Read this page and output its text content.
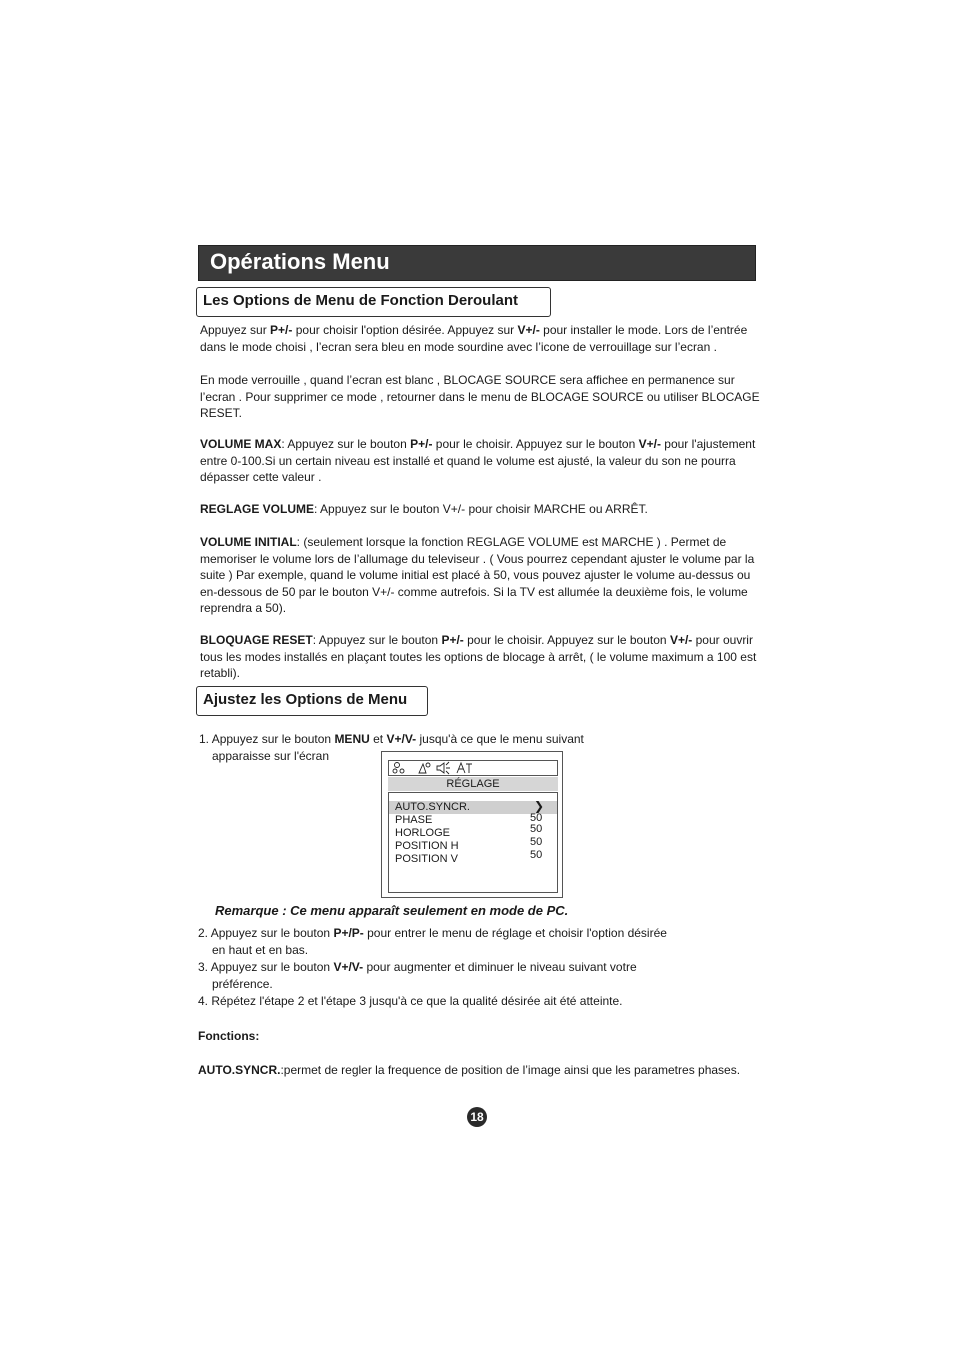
Opérations Menu
Les Options de Menu de Fonction Deroulant
Appuyez sur P+/- pour choisir l'option désirée. Appuyez sur V+/- pour installer le mode. Lors de l’entrée dans le mode choisi , l’ecran sera bleu en mode sourdine avec l’icone de verrouillage sur l’ecran .
En mode verrouille , quand l’ecran est blanc , BLOCAGE SOURCE sera affichee en permanence sur l’ecran . Pour supprimer ce mode , retourner dans le menu de BLOCAGE SOURCE ou utiliser BLOCAGE RESET.
VOLUME MAX: Appuyez sur le bouton P+/- pour le choisir. Appuyez sur le bouton V+/- pour l'ajustement entre 0-100.Si un certain niveau est installé et quand le volume est ajusté, la valeur du son ne pourra dépasser cette valeur .
REGLAGE VOLUME: Appuyez sur le bouton V+/- pour choisir MARCHE ou ARRÊT.
VOLUME INITIAL: (seulement lorsque la fonction REGLAGE VOLUME est MARCHE ) . Permet de memoriser le volume lors de l’allumage du televiseur . ( Vous pourrez cependant ajuster le volume par la suite ) Par exemple, quand le volume initial est placé à 50, vous pouvez ajuster le volume au-dessus ou en-dessous de 50 par le bouton V+/- comme autrefois. Si la TV est allumée la deuxième fois, le volume reprendra a 50).
BLOQUAGE RESET: Appuyez sur le bouton P+/- pour le choisir. Appuyez sur le bouton V+/- pour ouvrir tous les modes installés en plaçant toutes les options de blocage à arrêt, ( le volume maximum a 100 est retabli).
Ajustez les Options de Menu
1. Appuyez sur le bouton MENU et V+/V- jusqu'à ce que le menu suivant
apparaisse sur l'écran
RÉGLAGE
AUTO.SYNCR.	❯
PHASE	50
HORLOGE	50
POSITION H	50
POSITION V	50
Remarque : Ce menu apparaît seulement en mode de PC.
2. Appuyez sur le bouton P+/P- pour entrer le menu de réglage et choisir l'option désirée
en haut et en bas.
3. Appuyez sur le bouton V+/V- pour augmenter et diminuer le niveau suivant votre
préférence.
4. Répétez l'étape 2 et l'étape 3 jusqu'à ce que la qualité désirée ait été atteinte.
Fonctions:
AUTO.SYNCR.:permet de regler la frequence de position de l’image ainsi que les parametres phases.
18
